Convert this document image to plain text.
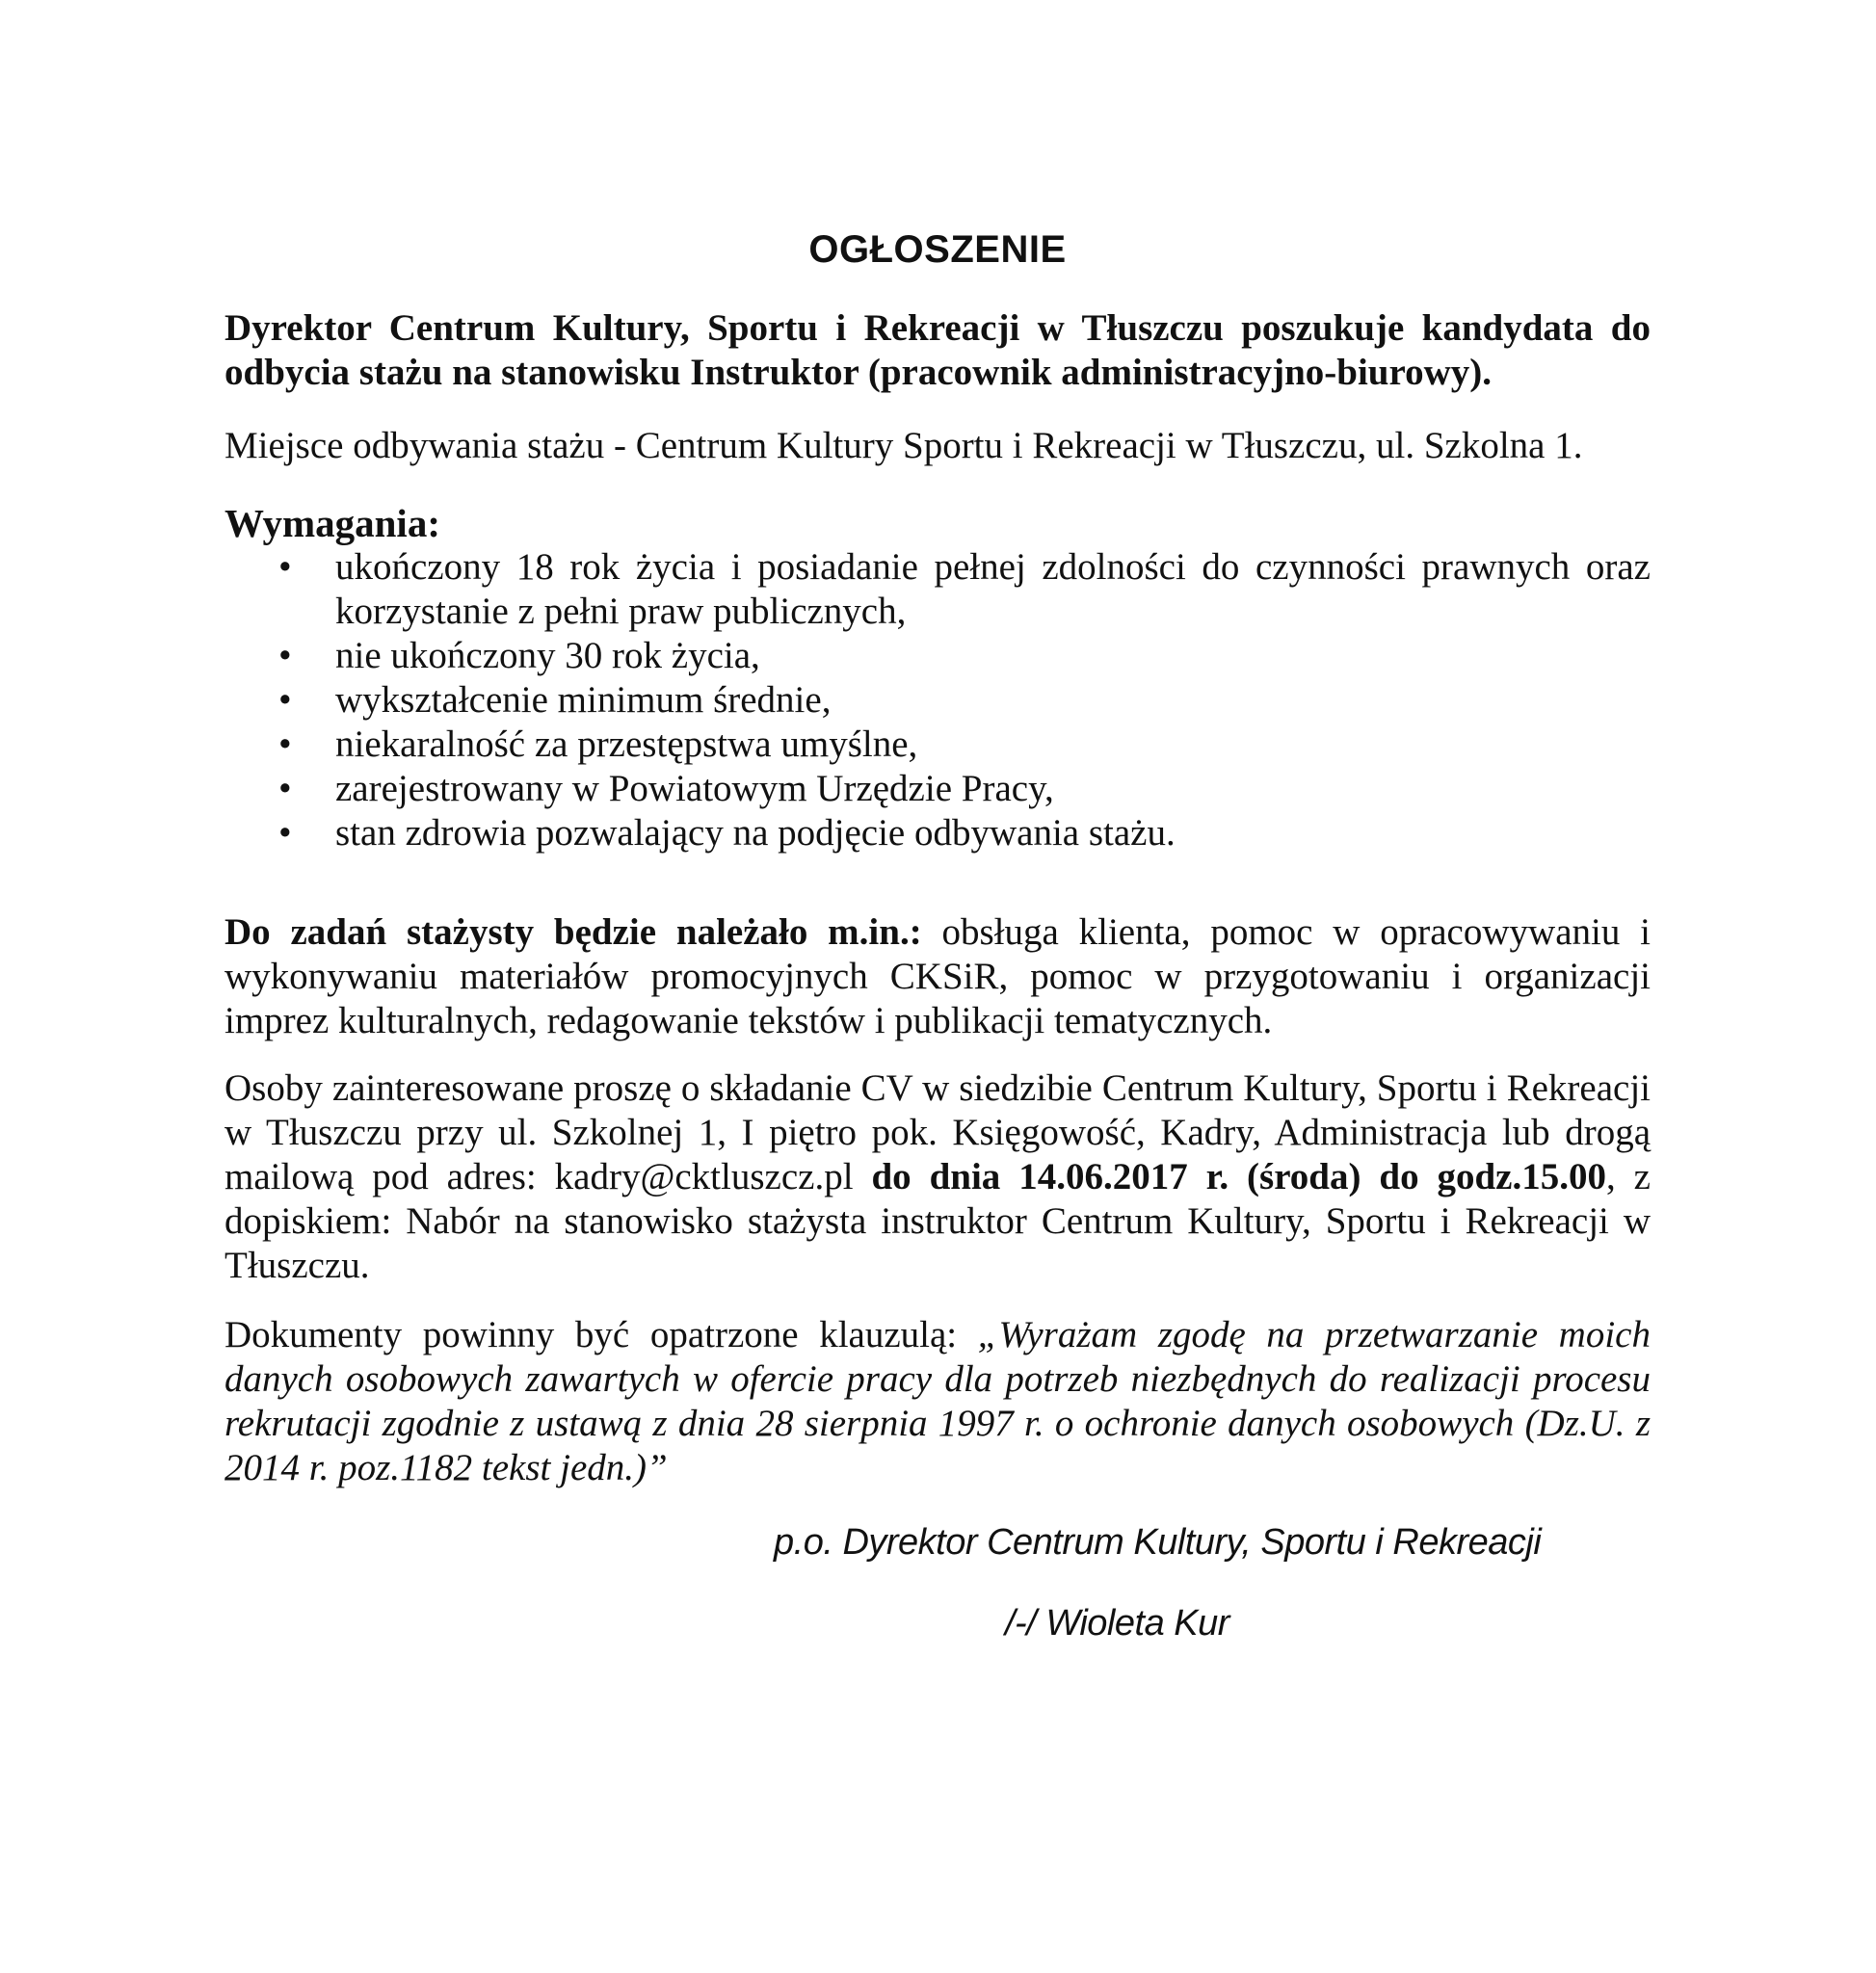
OGŁOSZENIE
Dyrektor Centrum Kultury, Sportu i Rekreacji w Tłuszczu poszukuje kandydata do odbycia stażu na stanowisku Instruktor (pracownik administracyjno-biurowy).
Miejsce odbywania stażu - Centrum Kultury Sportu i Rekreacji w Tłuszczu, ul. Szkolna 1.
Wymagania:
• ukończony 18 rok życia i posiadanie pełnej zdolności do czynności prawnych oraz korzystanie z pełni praw publicznych,
• nie ukończony 30 rok życia,
• wykształcenie minimum średnie,
• niekaralność za przestępstwa umyślne,
• zarejestrowany w Powiatowym Urzędzie Pracy,
• stan zdrowia pozwalający na podjęcie odbywania stażu.
Do zadań stażysty będzie należało m.in.: obsługa klienta, pomoc w opracowywaniu i wykonywaniu materiałów promocyjnych CKSiR, pomoc w przygotowaniu i organizacji imprez kulturalnych, redagowanie tekstów i publikacji tematycznych.
Osoby zainteresowane proszę o składanie CV w siedzibie Centrum Kultury, Sportu i Rekreacji w Tłuszczu przy ul. Szkolnej 1, I piętro pok. Księgowość, Kadry, Administracja lub drogą mailową pod adres: kadry@cktluszcz.pl do dnia 14.06.2017 r. (środa) do godz.15.00, z dopiskiem: Nabór na stanowisko stażysta instruktor Centrum Kultury, Sportu i Rekreacji w Tłuszczu.
Dokumenty powinny być opatrzone klauzulą: „Wyrażam zgodę na przetwarzanie moich danych osobowych zawartych w ofercie pracy dla potrzeb niezbędnych do realizacji procesu rekrutacji zgodnie z ustawą z dnia 28 sierpnia 1997 r. o ochronie danych osobowych (Dz.U. z 2014 r. poz.1182 tekst jedn.)”
p.o. Dyrektor Centrum Kultury, Sportu i Rekreacji
/-/ Wioleta Kur
